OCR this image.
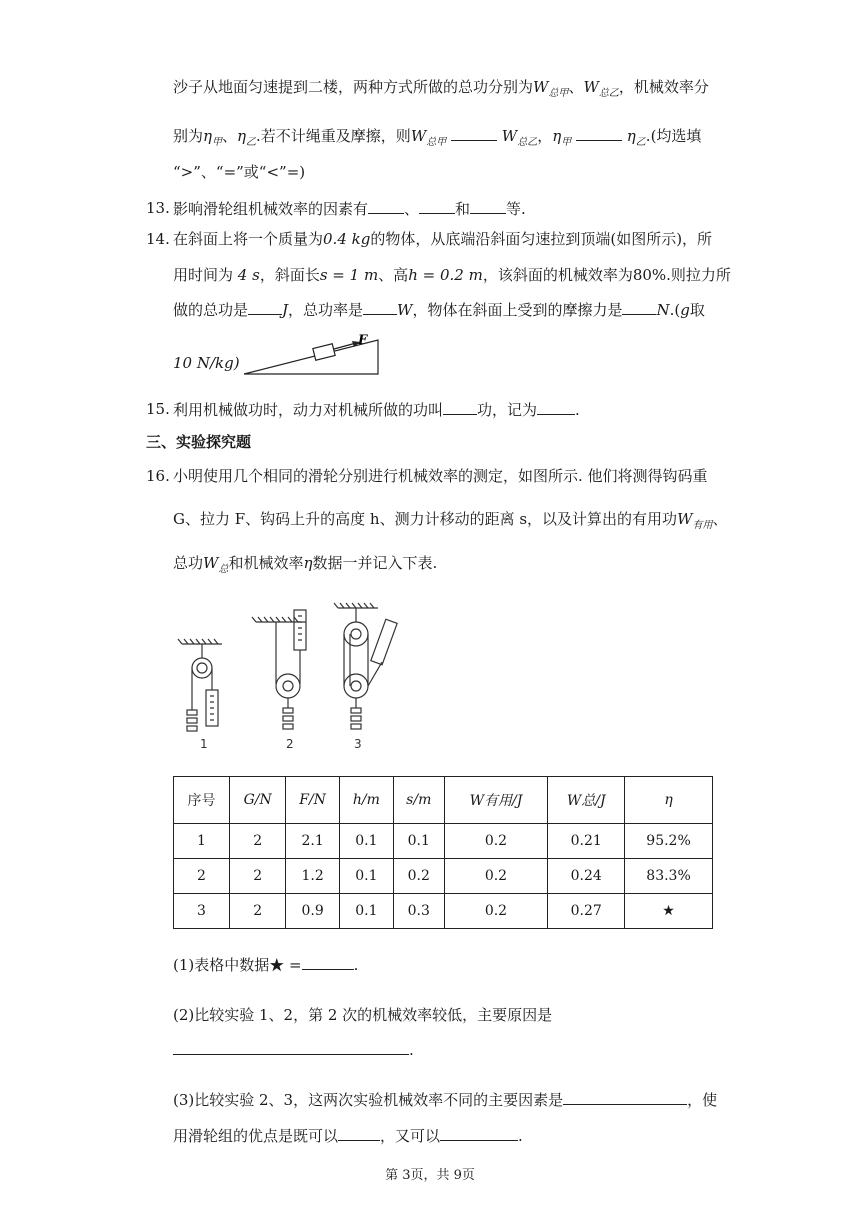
沙子从地面匀速提到二楼，两种方式所做的总功分别为$W_{总甲}$、$W_{总乙}$，机械效率分
别为$\eta_甲$、$\eta_乙$.若不计绳重及摩擦，则$W_{总甲}$	$W_{总乙}$，$\eta_甲$	$\eta_乙$.(均选填
“>”、“=”或“<”=)
13. 影响滑轮组机械效率的因素有 、 和 等.
14. 在斜面上将一个质量为0.4 kg的物体，从底端沿斜面匀速拉到顶端(如图所示)，所
用时间为 4 s，斜面长s = 1 m、高h = 0.2 m，该斜面的机械效率为80%.则拉力所
做的总功是 J，总功率是 W，物体在斜面上受到的摩擦力是 N.(g取
10 N/kg)
F
15. 利用机械做功时，动力对机械所做的功叫 功，记为	.
三、实验探究题
16. 小明使用几个相同的滑轮分别进行机械效率的测定，如图所示. 他们将测得钩码重
G、拉力 F、钩码上升的高度 h、测力计移动的距离 s，以及计算出的有用功$W_{有用}$、
总功$W_总$和机械效率η数据一并记入下表.
1	2	3
序号	G/N	F/N	h/m	s/m	W有用/J	W总/J	η
1	2	2.1	0.1	0.1	0.2	0.21	95.2%
2	2	1.2	0.1	0.2	0.2	0.24	83.3%
3	2	0.9	0.1	0.3	0.2	0.27	★
(1)表格中数据★ =	.
(2)比较实验 1、2，第 2 次的机械效率较低，主要原因是
.
(3)比较实验 2、3，这两次实验机械效率不同的主要因素是	，使
用滑轮组的优点是既可以	，又可以	.
第 3页，共 9页
